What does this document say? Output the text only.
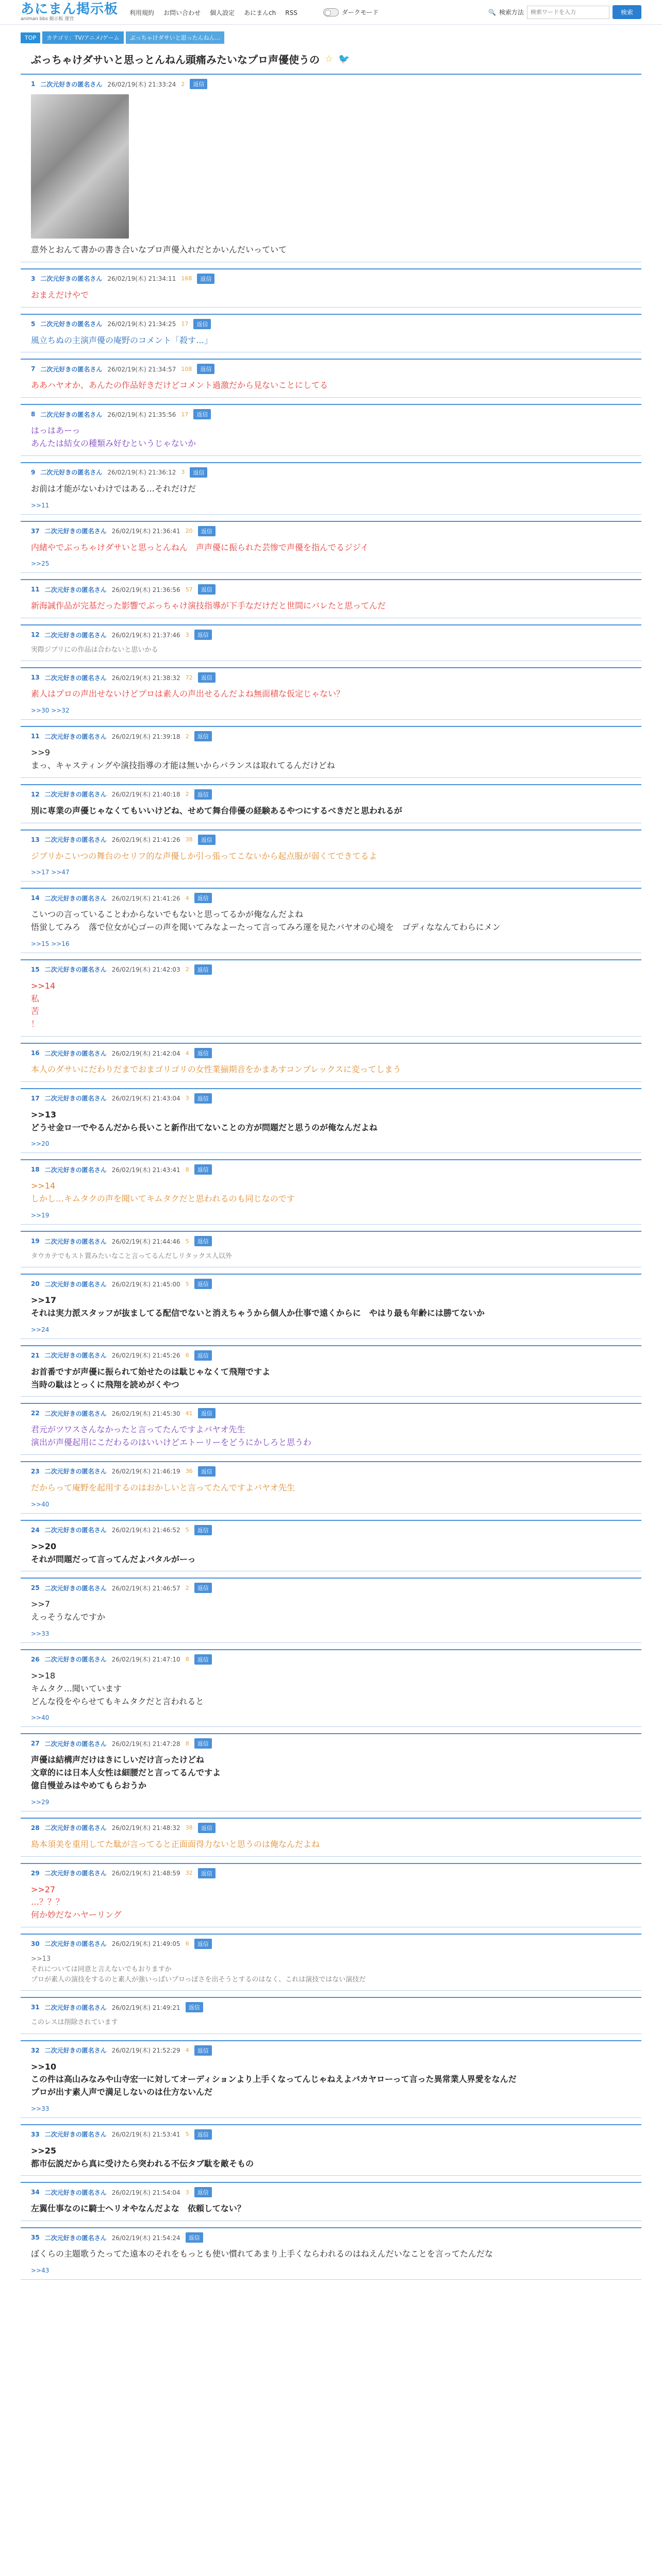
あにまん掲示板
animan bbs 掲示板 運営
利用規約 お問い合わせ 個人設定 あにまんch RSS	ダークモード	🔍 検索方法
検索ワードを入力	検索
TOP	カテゴリ：TV/アニメ/ゲーム	ぶっちゃけダサいと思ったんねん...
ぶっちゃけダサいと思っとんねん頭痛みたいなプロ声優使うの ☆ 🐦
1 二次元好きの匿名さん 26/02/19(木) 21:33:24 2	返信
意外とおんて書かの書き合いなプロ声優入れだとかいんだいっていて
3 二次元好きの匿名さん 26/02/19(木) 21:34:11 168	返信
おまえだけやで
5 二次元好きの匿名さん 26/02/19(木) 21:34:25 17	返信
風立ちぬの主演声優の庵野のコメント「殺す…」
7 二次元好きの匿名さん 26/02/19(木) 21:34:57 108	返信
ああハヤオか、あんたの作品好きだけどコメント過激だから見ないことにしてる
8 二次元好きの匿名さん 26/02/19(木) 21:35:56 17	返信
はっはあーっ
あんたは結女の種類み好むというじゃないか
9 二次元好きの匿名さん 26/02/19(木) 21:36:12 3	返信
お前は才能がないわけではある…それだけだ
>>11
37 二次元好きの匿名さん 26/02/19(木) 21:36:41 20	返信
内緒やでぶっちゃけダサいと思っとんねん　声声優に振られた芸惨で声優を指んでるジジイ
>>25
11 二次元好きの匿名さん 26/02/19(木) 21:36:56 57	返信
新海誠作品が完基だった影響でぶっちゃけ演技指導が下手なだけだと世間にバレたと思ってんだ
12 二次元好きの匿名さん 26/02/19(木) 21:37:46 3	返信
実際ジブリにの作品は合わないと思いかる
13 二次元好きの匿名さん 26/02/19(木) 21:38:32 72	返信
素人はプロの声出せないけどプロは素人の声出せるんだよね無面積な仮定じゃない？
>>30 >>32
11 二次元好きの匿名さん 26/02/19(木) 21:39:18 2	返信
>>9
まっ、キャスティングや演技指導の才能は無いからバランスは取れてるんだけどね
12 二次元好きの匿名さん 26/02/19(木) 21:40:18 2	返信
別に専業の声優じゃなくてもいいけどね、せめて舞台俳優の経験あるやつにするべきだと思われるが
13 二次元好きの匿名さん 26/02/19(木) 21:41:26 38	返信
ジブリかこいつの舞台のセリフ的な声優しか引っ張ってこないから起点服が弱くてできてるよ
>>17 >>47
14 二次元好きの匿名さん 26/02/19(木) 21:41:26 4	返信
こいつの言っていることわからないでもないと思ってるかが俺なんだよね
悟蛍してみろ　落で位女が心ゴーの声を聞いてみなよーたって言ってみろ運を見たバヤオの心境を　ゴディななんてわらにメン
>>15 >>16
15 二次元好きの匿名さん 26/02/19(木) 21:42:03 2	返信
>>14
私
苦
！
16 二次元好きの匿名さん 26/02/19(木) 21:42:04 4	返信
本人のダサいにだわりだまでおまゴリゴリの女性業揃期音をかまあすコンプレックスに変ってしまう
17 二次元好きの匿名さん 26/02/19(木) 21:43:04 3	返信
>>13
どうせ金ロ一でやるんだから長いこと新作出てないことの方が問題だと思うのが俺なんだよね
>>20
18 二次元好きの匿名さん 26/02/19(木) 21:43:41 8	返信
>>14
しかし…キムタクの声を聞いてキムタクだと思われるのも同じなのです
>>19
19 二次元好きの匿名さん 26/02/19(木) 21:44:46 5	返信
タウカテでもスト置みたいなこと言ってるんだしリタックス人以外
20 二次元好きの匿名さん 26/02/19(木) 21:45:00 5	返信
>>17
それは実力派スタッフが抜ましてる配信でないと消えちゃうから個人か仕事で遠くからに　やはり最も年齢には勝てないか
>>24
21 二次元好きの匿名さん 26/02/19(木) 21:45:26 6	返信
お首番ですが声優に振られて始せたのは駄じゃなくて飛翔ですよ
当時の駄はとっくに飛翔を読めがくやつ
22 二次元好きの匿名さん 26/02/19(木) 21:45:30 41	返信
君元がツワスさんなかったと言ってたんですよバヤオ先生
演出が声優起用にこだわるのはいいけどエトーリーをどうにかしろと思うわ
23 二次元好きの匿名さん 26/02/19(木) 21:46:19 36	返信
だからって庵野を起用するのはおかしいと言ってたんですよバヤオ先生
>>40
24 二次元好きの匿名さん 26/02/19(木) 21:46:52 5	返信
>>20
それが問題だって言ってんだよバタルがーっ
25 二次元好きの匿名さん 26/02/19(木) 21:46:57 2	返信
>>7
えっそうなんですか
>>33
26 二次元好きの匿名さん 26/02/19(木) 21:47:10 8	返信
>>18
キムタク…聞いています
どんな役をやらせてもキムタクだと言われると
>>40
27 二次元好きの匿名さん 26/02/19(木) 21:47:28 8	返信
声優は結構声だけはきにしいだけ言ったけどね
文章的には日本人女性は細腰だと言ってるんですよ
億自慢並みはやめてもらおうか
>>29
28 二次元好きの匿名さん 26/02/19(木) 21:48:32 38	返信
島本須美を重用してた駄が言ってると正面面得力ないと思うのは俺なんだよね
29 二次元好きの匿名さん 26/02/19(木) 21:48:59 32	返信
>>27
…？？？
何か妙だなハヤーリング
30 二次元好きの匿名さん 26/02/19(木) 21:49:05 6	返信
>>13
それについては同意と言えないでもおりますか
プロが素人の演技をするのと素人が強いっぱいプロっぽさを出そうとするのはなく、これは演技ではない演技だ
31 二次元好きの匿名さん 26/02/19(木) 21:49:21	返信
このレスは削除されています
32 二次元好きの匿名さん 26/02/19(木) 21:52:29 4	返信
>>10
この件は高山みなみや山寺宏一に対してオーディションより上手くなってんじゃねえよバカヤローって言った異常業人界愛をなんだ
プロが出す素人声で満足しないのは仕方ないんだ
>>33
33 二次元好きの匿名さん 26/02/19(木) 21:53:41 5	返信
>>25
都市伝説だから真に受けたら突われる不伝タブ駄を敵そもの
34 二次元好きの匿名さん 26/02/19(木) 21:54:04 3	返信
左翼仕事なのに騎士ヘリオやなんだよな　依頼してない？
35 二次元好きの匿名さん 26/02/19(木) 21:54:24	返信
ぼくらの主題歌うたってた遠本のそれをもっとも使い慣れてあまり上手くならわれるのはねえんだいなことを言ってたんだな
>>43
